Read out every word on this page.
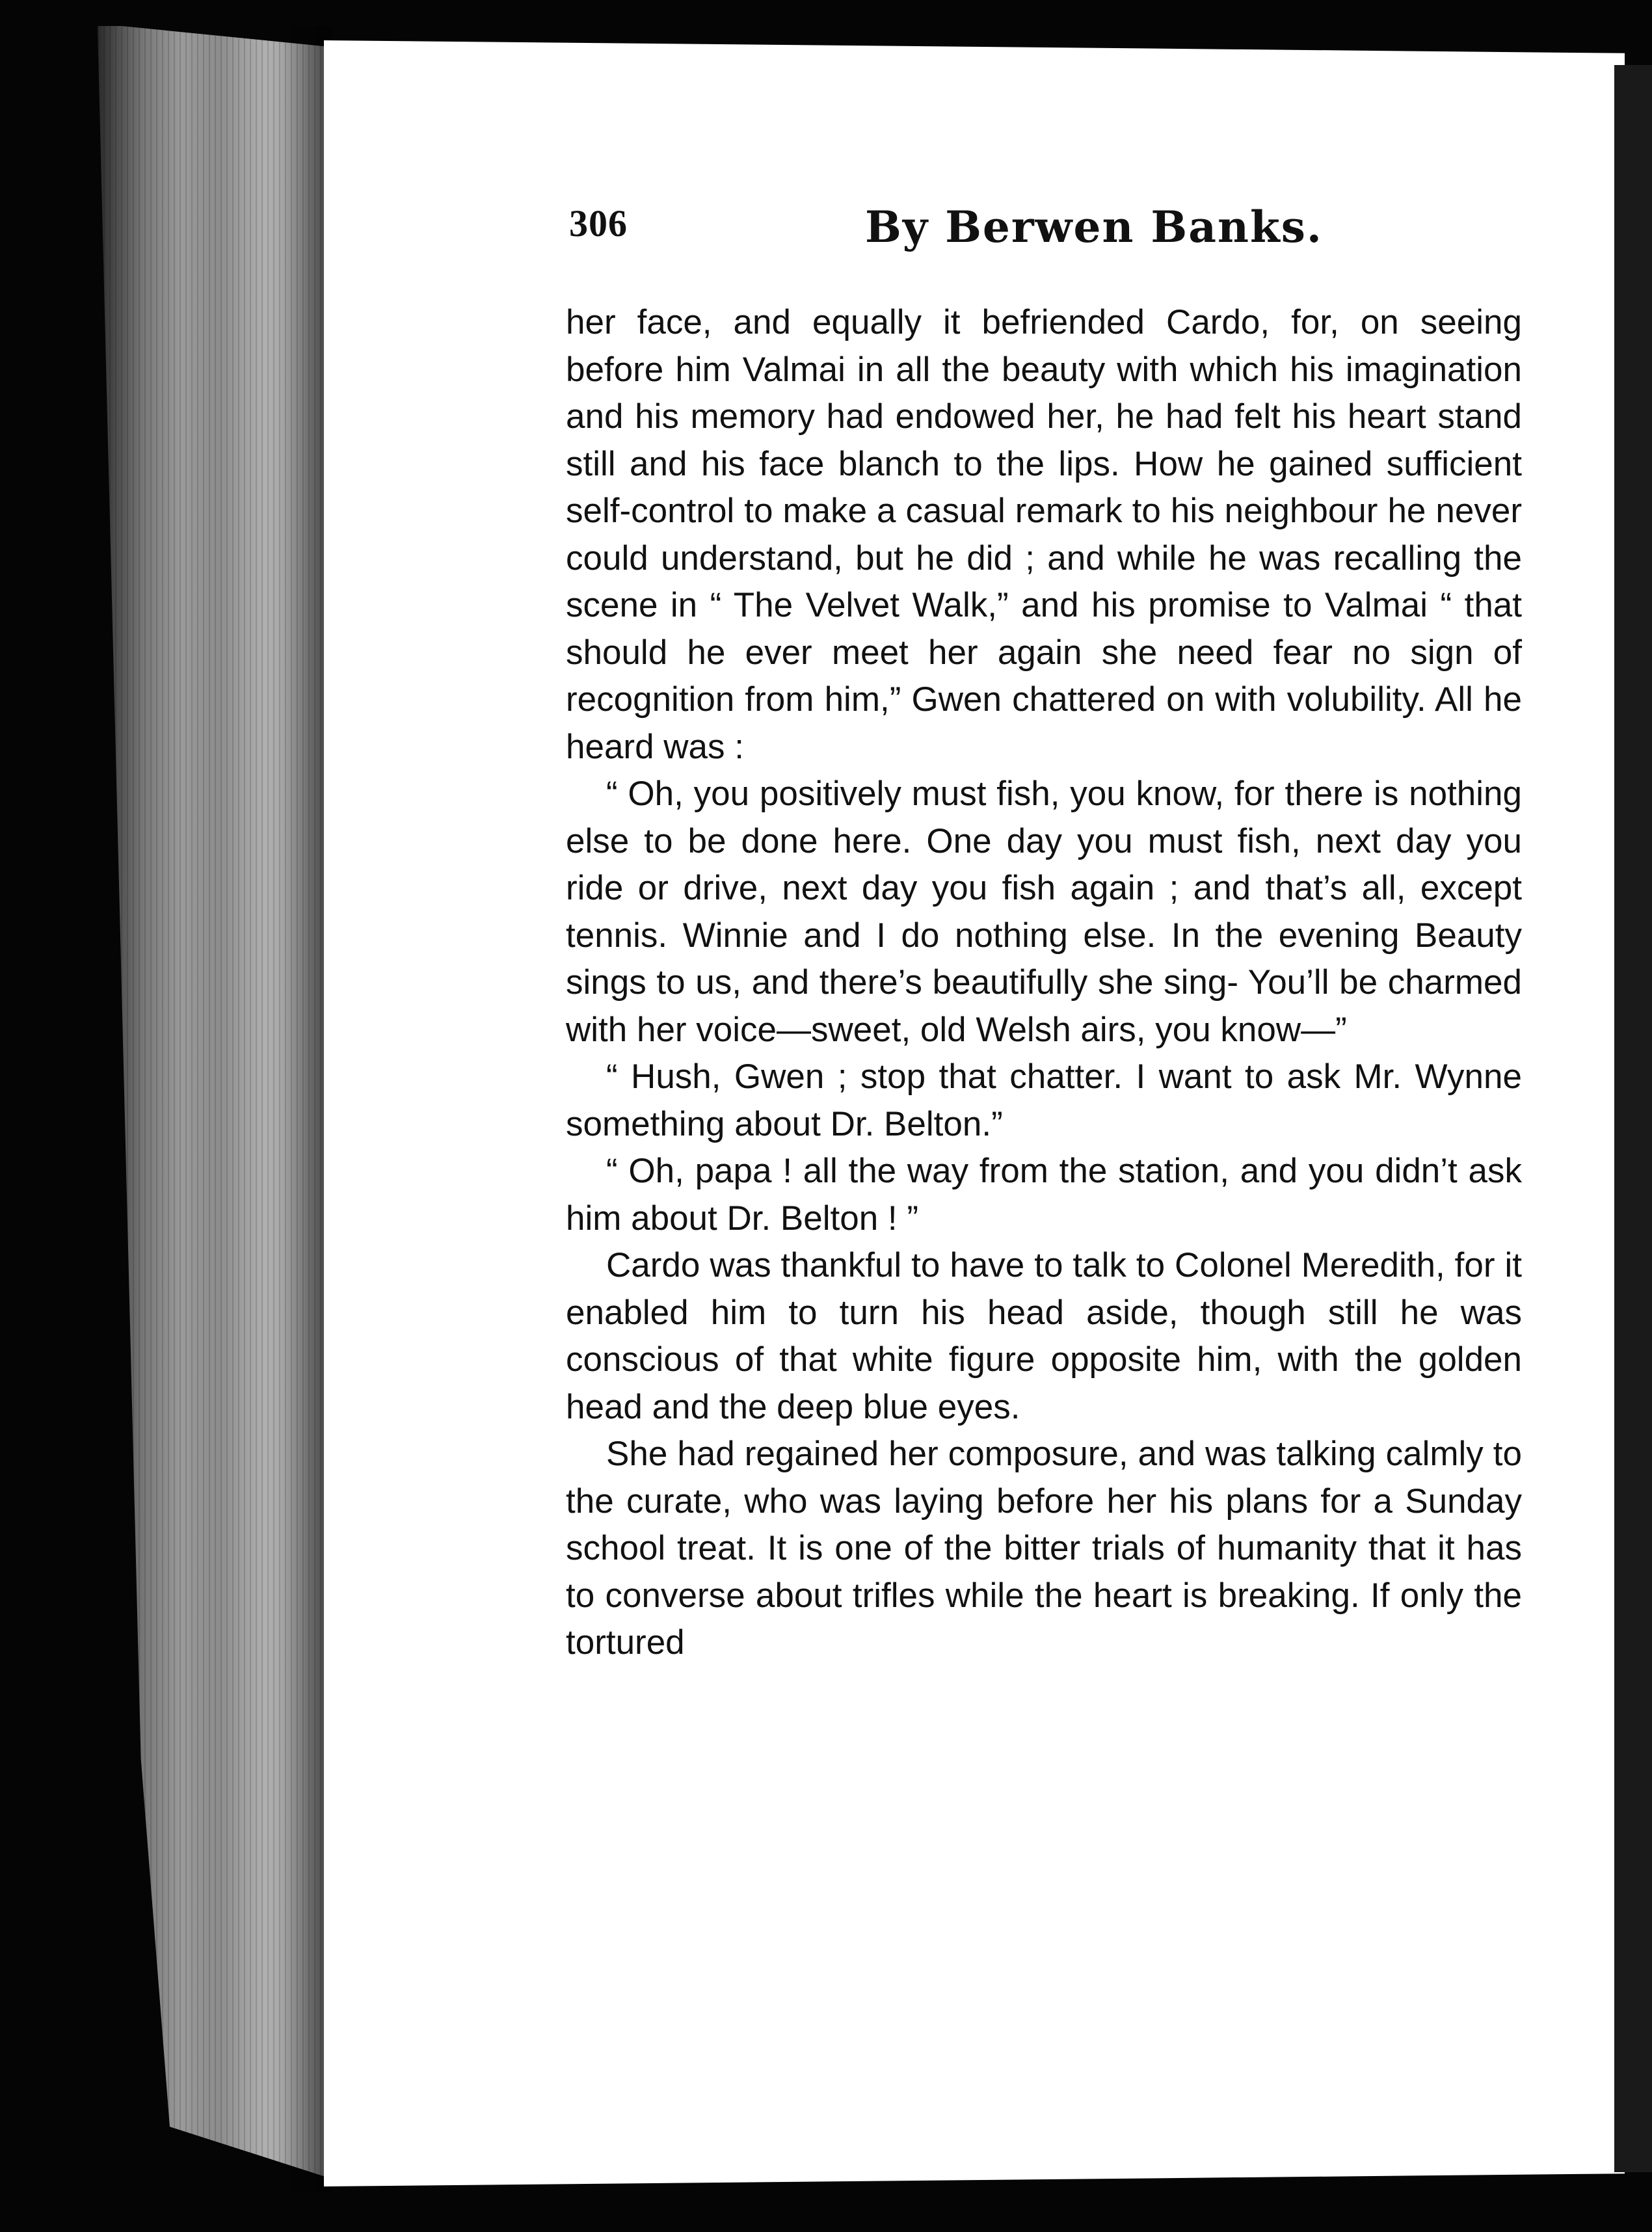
306	By Berwen Banks.

her face, and equally it befriended Cardo, for, on seeing before him Valmai in all the beauty with which his imagination and his memory had endowed her, he had felt his heart stand still and his face blanch to the lips. How he gained sufficient self-control to make a casual remark to his neighbour he never could understand, but he did ; and while he was recalling the scene in “ The Velvet Walk,” and his promise to Valmai “ that should he ever meet her again she need fear no sign of recognition from him,” Gwen chattered on with volubility. All he heard was :

“ Oh, you positively must fish, you know, for there is nothing else to be done here. One day you must fish, next day you ride or drive, next day you fish again ; and that’s all, except tennis. Winnie and I do nothing else. In the evening Beauty sings to us, and there’s beautifully she sing- You’ll be charmed with her voice—sweet, old Welsh airs, you know—”

“ Hush, Gwen ; stop that chatter. I want to ask Mr. Wynne something about Dr. Belton.”

“ Oh, papa ! all the way from the station, and you didn’t ask him about Dr. Belton ! ”

Cardo was thankful to have to talk to Colonel Meredith, for it enabled him to turn his head aside, though still he was conscious of that white figure opposite him, with the golden head and the deep blue eyes.

She had regained her composure, and was talking calmly to the curate, who was laying before her his plans for a Sunday school treat. It is one of the bitter trials of humanity that it has to converse about trifles while the heart is breaking. If only the tortured
